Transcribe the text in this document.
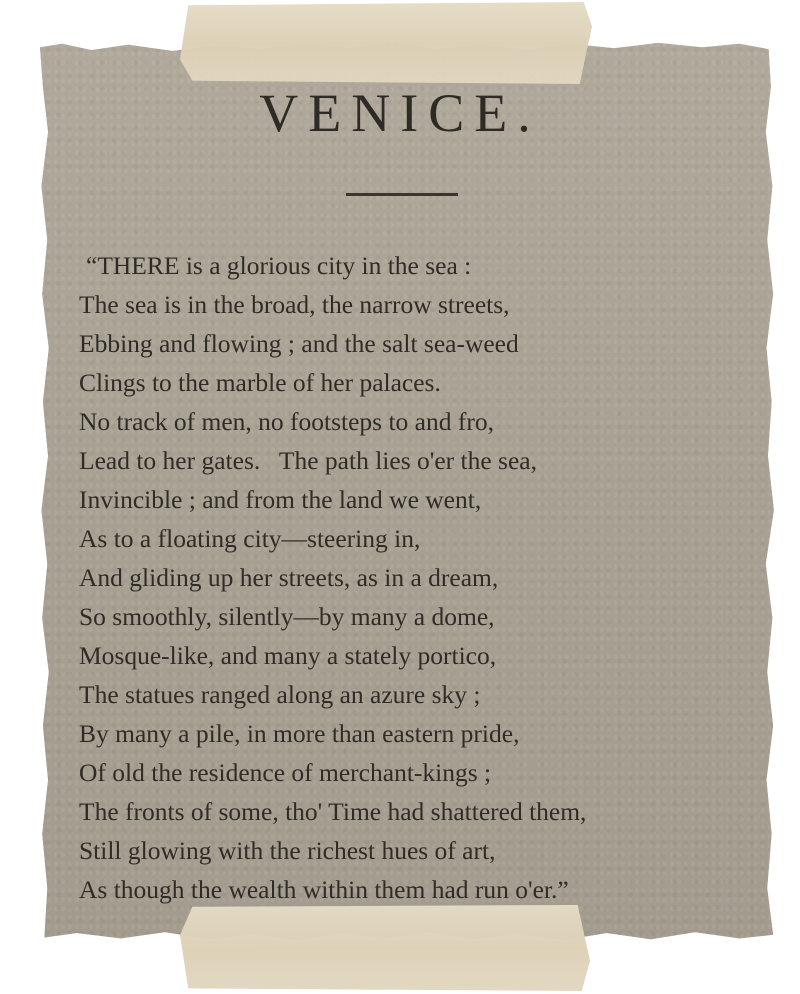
VENICE.
“THERE is a glorious city in the sea :
The sea is in the broad, the narrow streets,
Ebbing and flowing ; and the salt sea-weed
Clings to the marble of her palaces.
No track of men, no footsteps to and fro,
Lead to her gates.   The path lies o'er the sea,
Invincible ; and from the land we went,
As to a floating city—steering in,
And gliding up her streets, as in a dream,
So smoothly, silently—by many a dome,
Mosque-like, and many a stately portico,
The statues ranged along an azure sky ;
By many a pile, in more than eastern pride,
Of old the residence of merchant-kings ;
The fronts of some, tho' Time had shattered them,
Still glowing with the richest hues of art,
As though the wealth within them had run o'er.”
